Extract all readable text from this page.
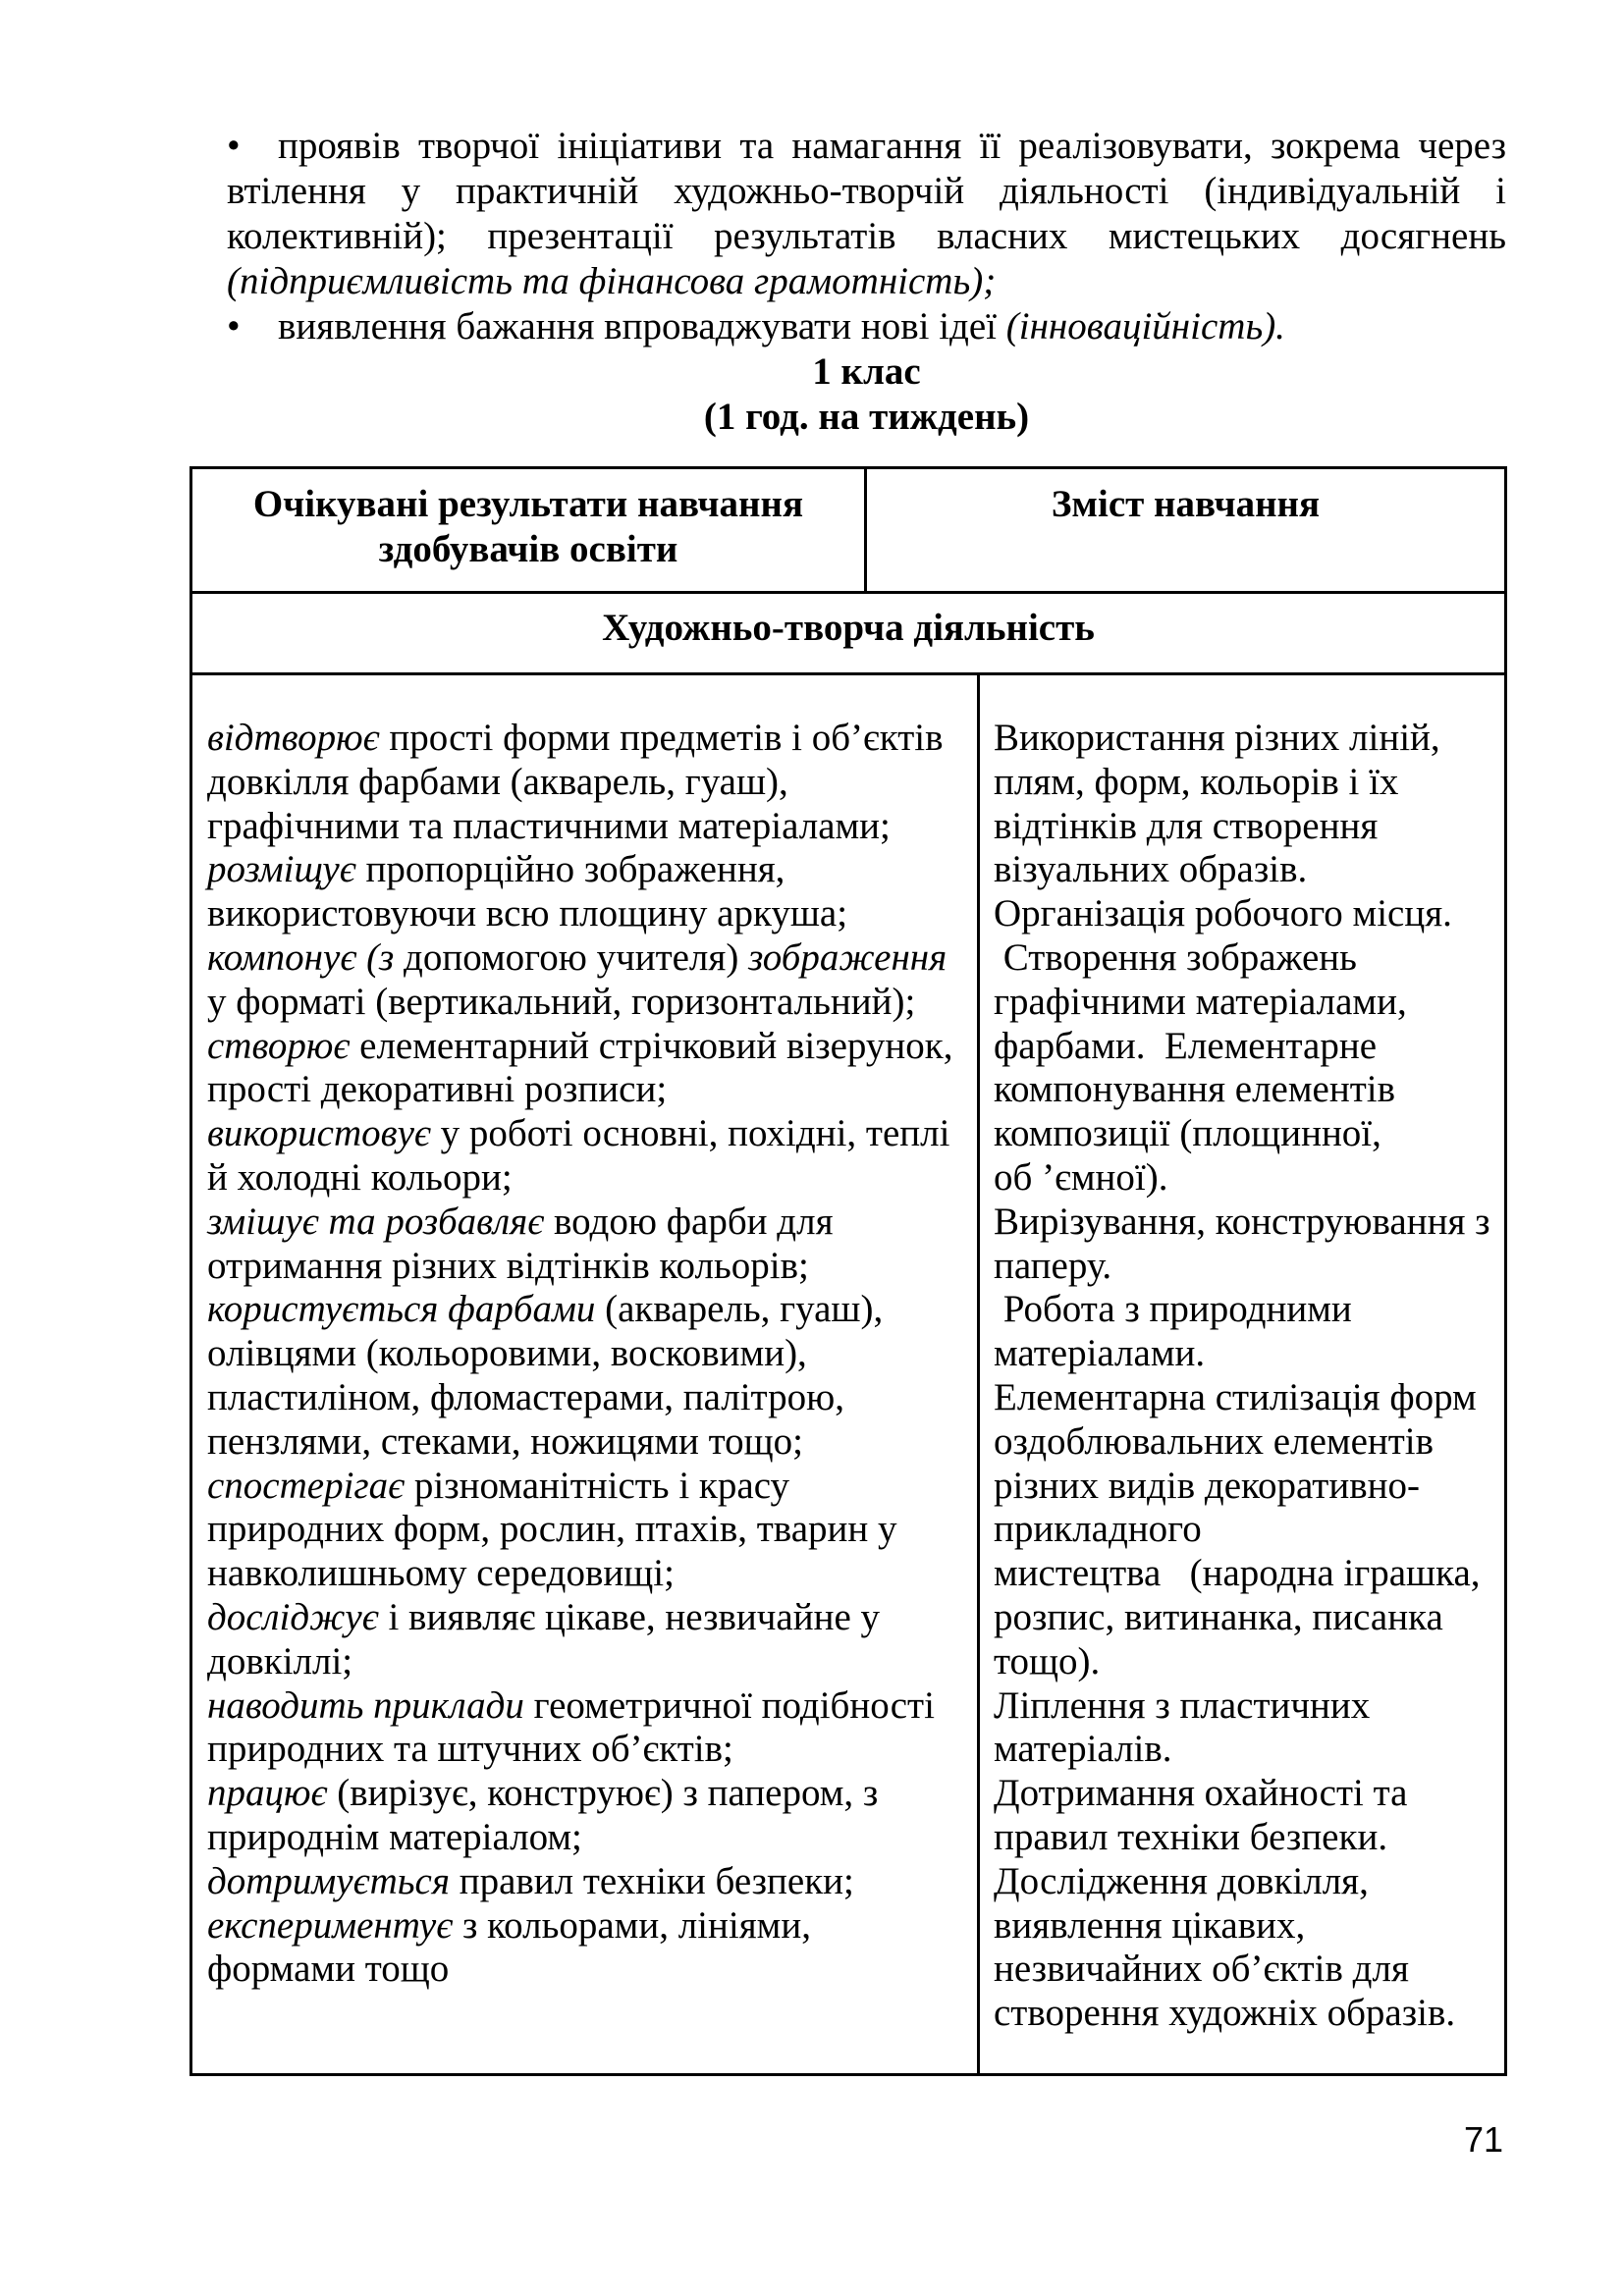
• проявів творчої ініціативи та намагання її реалізовувати, зокрема через втілення у практичній художньо-творчій діяльності (індивідуальній і колективній); презентації результатів власних мистецьких досягнень (підприємливість та фінансова грамотність);

• виявлення бажання впроваджувати нові ідеї (інноваційність).

1 клас

(1 год. на тиждень)

Очікувані результати навчання здобувачів освіти
Зміст навчання
Художньо-творча діяльність
відтворює прості форми предметів і об’єктів
довкілля фарбами (акварель, гуаш),
графічними та пластичними матеріалами;
розміщує пропорційно зображення,
використовуючи всю площину аркуша;
компонує (з допомогою учителя) зображення
у форматі (вертикальний, горизонтальний);
створює елементарний стрічковий візерунок,
прості декоративні розписи;
використовує у роботі основні, похідні, теплі
й холодні кольори;
змішує та розбавляє водою фарби для
отримання різних відтінків кольорів;
користується фарбами (акварель, гуаш),
олівцями (кольоровими, восковими),
пластиліном, фломастерами, палітрою,
пензлями, стеками, ножицями тощо;
спостерігає різноманітність і красу
природних форм, рослин, птахів, тварин у
навколишньому середовищі;
досліджує і виявляє цікаве, незвичайне у
довкіллі;
наводить приклади геометричної подібності
природних та штучних об’єктів;
працює (вирізує, конструює) з папером, з
природнім матеріалом;
дотримується правил техніки безпеки;
експериментує з кольорами, лініями,
формами тощо
Використання різних ліній,
плям, форм, кольорів і їх
відтінків для створення
візуальних образів.
Організація робочого місця.
Створення зображень
графічними матеріалами,
фарбами.  Елементарне
компонування елементів
композиції (площинної,
об ’ємної).
Вирізування, конструювання з
паперу.
Робота з природними
матеріалами.
Елементарна стилізація форм
оздоблювальних елементів
різних видів декоративно-
прикладного
мистецтва   (народна іграшка,
розпис, витинанка, писанка
тощо).
Ліплення з пластичних
матеріалів.
Дотримання охайності та
правил техніки безпеки.
Дослідження довкілля,
виявлення цікавих,
незвичайних об’єктів для
створення художніх образів.
71
